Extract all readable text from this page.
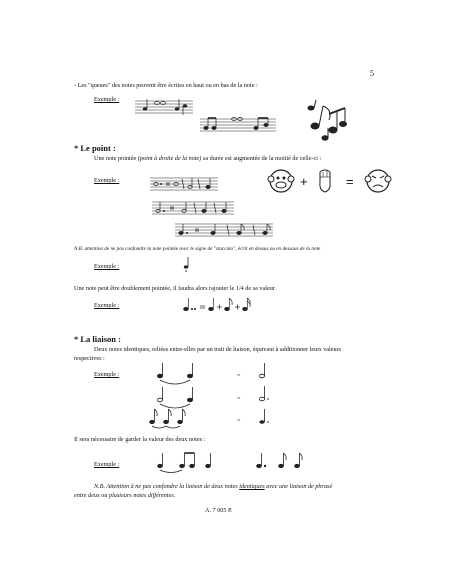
5
- Les "queues" des notes peuvent être écrites en haut ou en bas de la note :
Exemple :
* Le point :
Une note pointée (point à droite de la note) sa durée est augmentée de la moitié de celle-ci :
Exemple :	+	=
N.B. attention de ne pas confondre la note pointée avec le signe de "staccato", écrit en dessus ou en dessous de la note
Exemple :
Une note peut être doublement pointée, il faudra alors rajouter le 1/4 de sa valeur
Exemple :
* La liaison :
Deux notes identiques, reliées entre-elles par un trait de liaison, équivaut à additionner leurs valeurs
respectives :
Exemple :	=
=
=
Il sera nécessaire de garder la valeur des deux notes :
Exemple :
N.B. Attention à ne pas confondre la liaison de deux notes identiques avec une liaison de phrasé
entre deux ou plusieurs notes différentes.
A. 7 005 P.
